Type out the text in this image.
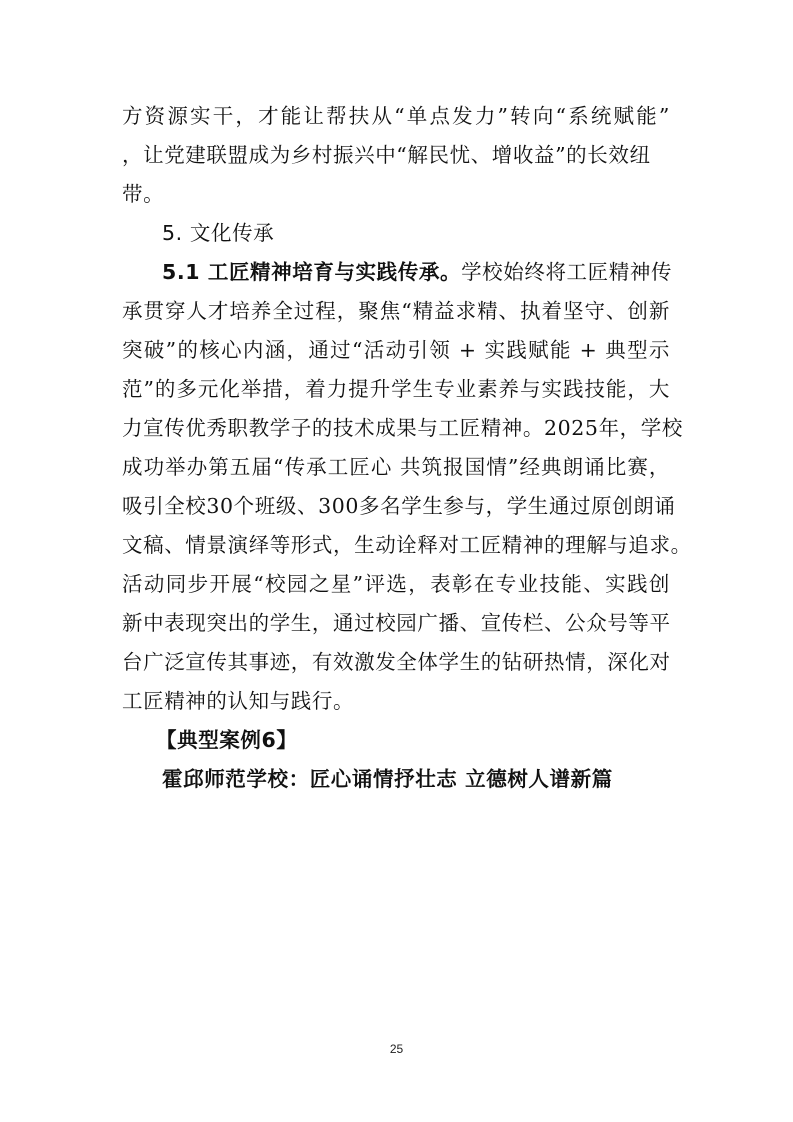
方资源实干，才能让帮扶从“单点发力”转向“系统赋能”
，让党建联盟成为乡村振兴中“解民忧、增收益”的长效纽
带。
5. 文化传承
5.1 工匠精神培育与实践传承。学校始终将工匠精神传
承贯穿人才培养全过程，聚焦“精益求精、执着坚守、创新
突破”的核心内涵，通过“活动引领 + 实践赋能 + 典型示
范”的多元化举措，着力提升学生专业素养与实践技能，大
力宣传优秀职教学子的技术成果与工匠精神。2025年，学校
成功举办第五届“传承工匠心 共筑报国情”经典朗诵比赛，
吸引全校30个班级、300多名学生参与，学生通过原创朗诵
文稿、情景演绎等形式，生动诠释对工匠精神的理解与追求。
活动同步开展“校园之星”评选，表彰在专业技能、实践创
新中表现突出的学生，通过校园广播、宣传栏、公众号等平
台广泛宣传其事迹，有效激发全体学生的钻研热情，深化对
工匠精神的认知与践行。
【典型案例6】
霍邱师范学校：匠心诵情抒壮志 立德树人谱新篇
25
